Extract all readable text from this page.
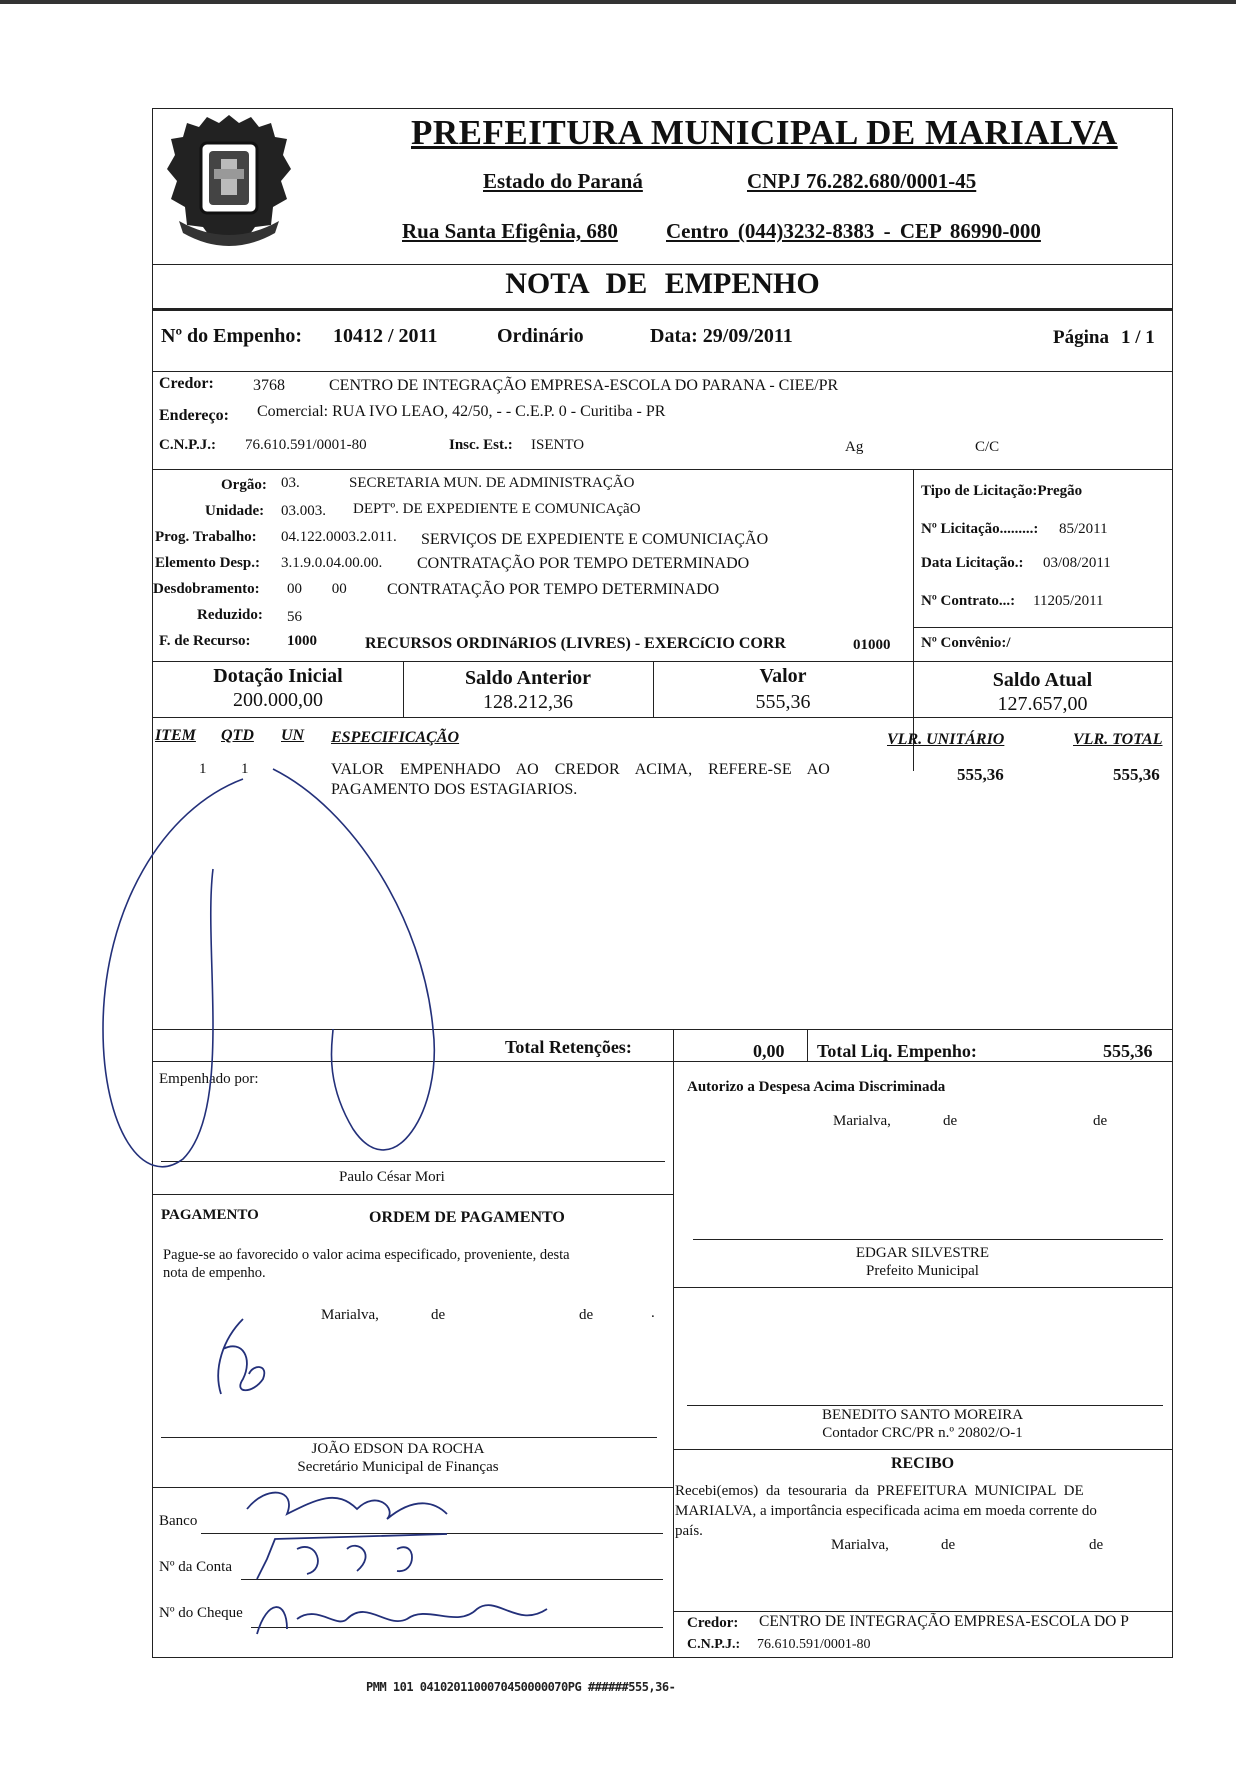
PREFEITURA MUNICIPAL DE MARIALVA
Estado do Paraná	CNPJ 76.282.680/0001-45
Rua Santa Efigênia, 680 Centro (044)3232-8383 - CEP 86990-000
NOTA DE EMPENHO
Nº do Empenho: 10412 / 2011	Ordinário	Data: 29/09/2011	Página 1 / 1
Credor: 3768	CENTRO DE INTEGRAÇÃO EMPRESA-ESCOLA DO PARANA - CIEE/PR
Endereço: Comercial: RUA IVO LEAO, 42/50, - - C.E.P. 0 - Curitiba - PR
C.N.P.J.: 76.610.591/0001-80	Insc. Est.: ISENTO	Ag	C/C
Orgão: 03.	SECRETARIA MUN. DE ADMINISTRAÇÃO
Unidade: 03.003. DEPTº. DE EXPEDIENTE E COMUNICAçãO
Prog. Trabalho: 04.122.0003.2.011. SERVIÇOS DE EXPEDIENTE E COMUNICIAÇÃO
Elemento Desp.: 3.1.9.0.04.00.00. CONTRATAÇÃO POR TEMPO DETERMINADO
Desdobramento: 00 00	CONTRATAÇÃO POR TEMPO DETERMINADO
Reduzido: 56
F. de Recurso: 1000	RECURSOS ORDINáRIOS (LIVRES) - EXERCíCIO CORR	01000
Tipo de Licitação:Pregão
Nº Licitação.........: 85/2011
Data Licitação.: 03/08/2011
Nº Contrato...: 11205/2011
Nº Convênio:/
Dotação Inicial
200.000,00
Saldo Anterior
128.212,36
Valor
555,36
Saldo Atual
127.657,00
ITEM QTD UN ESPECIFICAÇÃO	VLR. UNITÁRIO	VLR. TOTAL
1 1	VALOR EMPENHADO AO CREDOR ACIMA, REFERE-SE AO
PAGAMENTO DOS ESTAGIARIOS.
555,36	555,36
Total Retenções:	0,00 Total Liq. Empenho:	555,36
Empenhado por:
Paulo César Mori
Autorizo a Despesa Acima Discriminada
Marialva,	de	de
EDGAR SILVESTRE
Prefeito Municipal
BENEDITO SANTO MOREIRA
Contador CRC/PR n.º 20802/O-1
PAGAMENTO	ORDEM DE PAGAMENTO
Pague-se ao favorecido o valor acima especificado, proveniente, desta
nota de empenho.
Marialva,	de	de	.
JOÃO EDSON DA ROCHA
Secretário Municipal de Finanças	RECIBO
Recebi(emos) da tesouraria da PREFEITURA MUNICIPAL DE
MARIALVA, a importância especificada acima em moeda corrente do
país.
Marialva,	de	de
Credor: CENTRO DE INTEGRAÇÃO EMPRESA-ESCOLA DO P
C.N.P.J.: 76.610.591/0001-80
Banco
Nº da Conta
Nº do Cheque
PMM 101 0410201100070450000070PG ######555,36-
